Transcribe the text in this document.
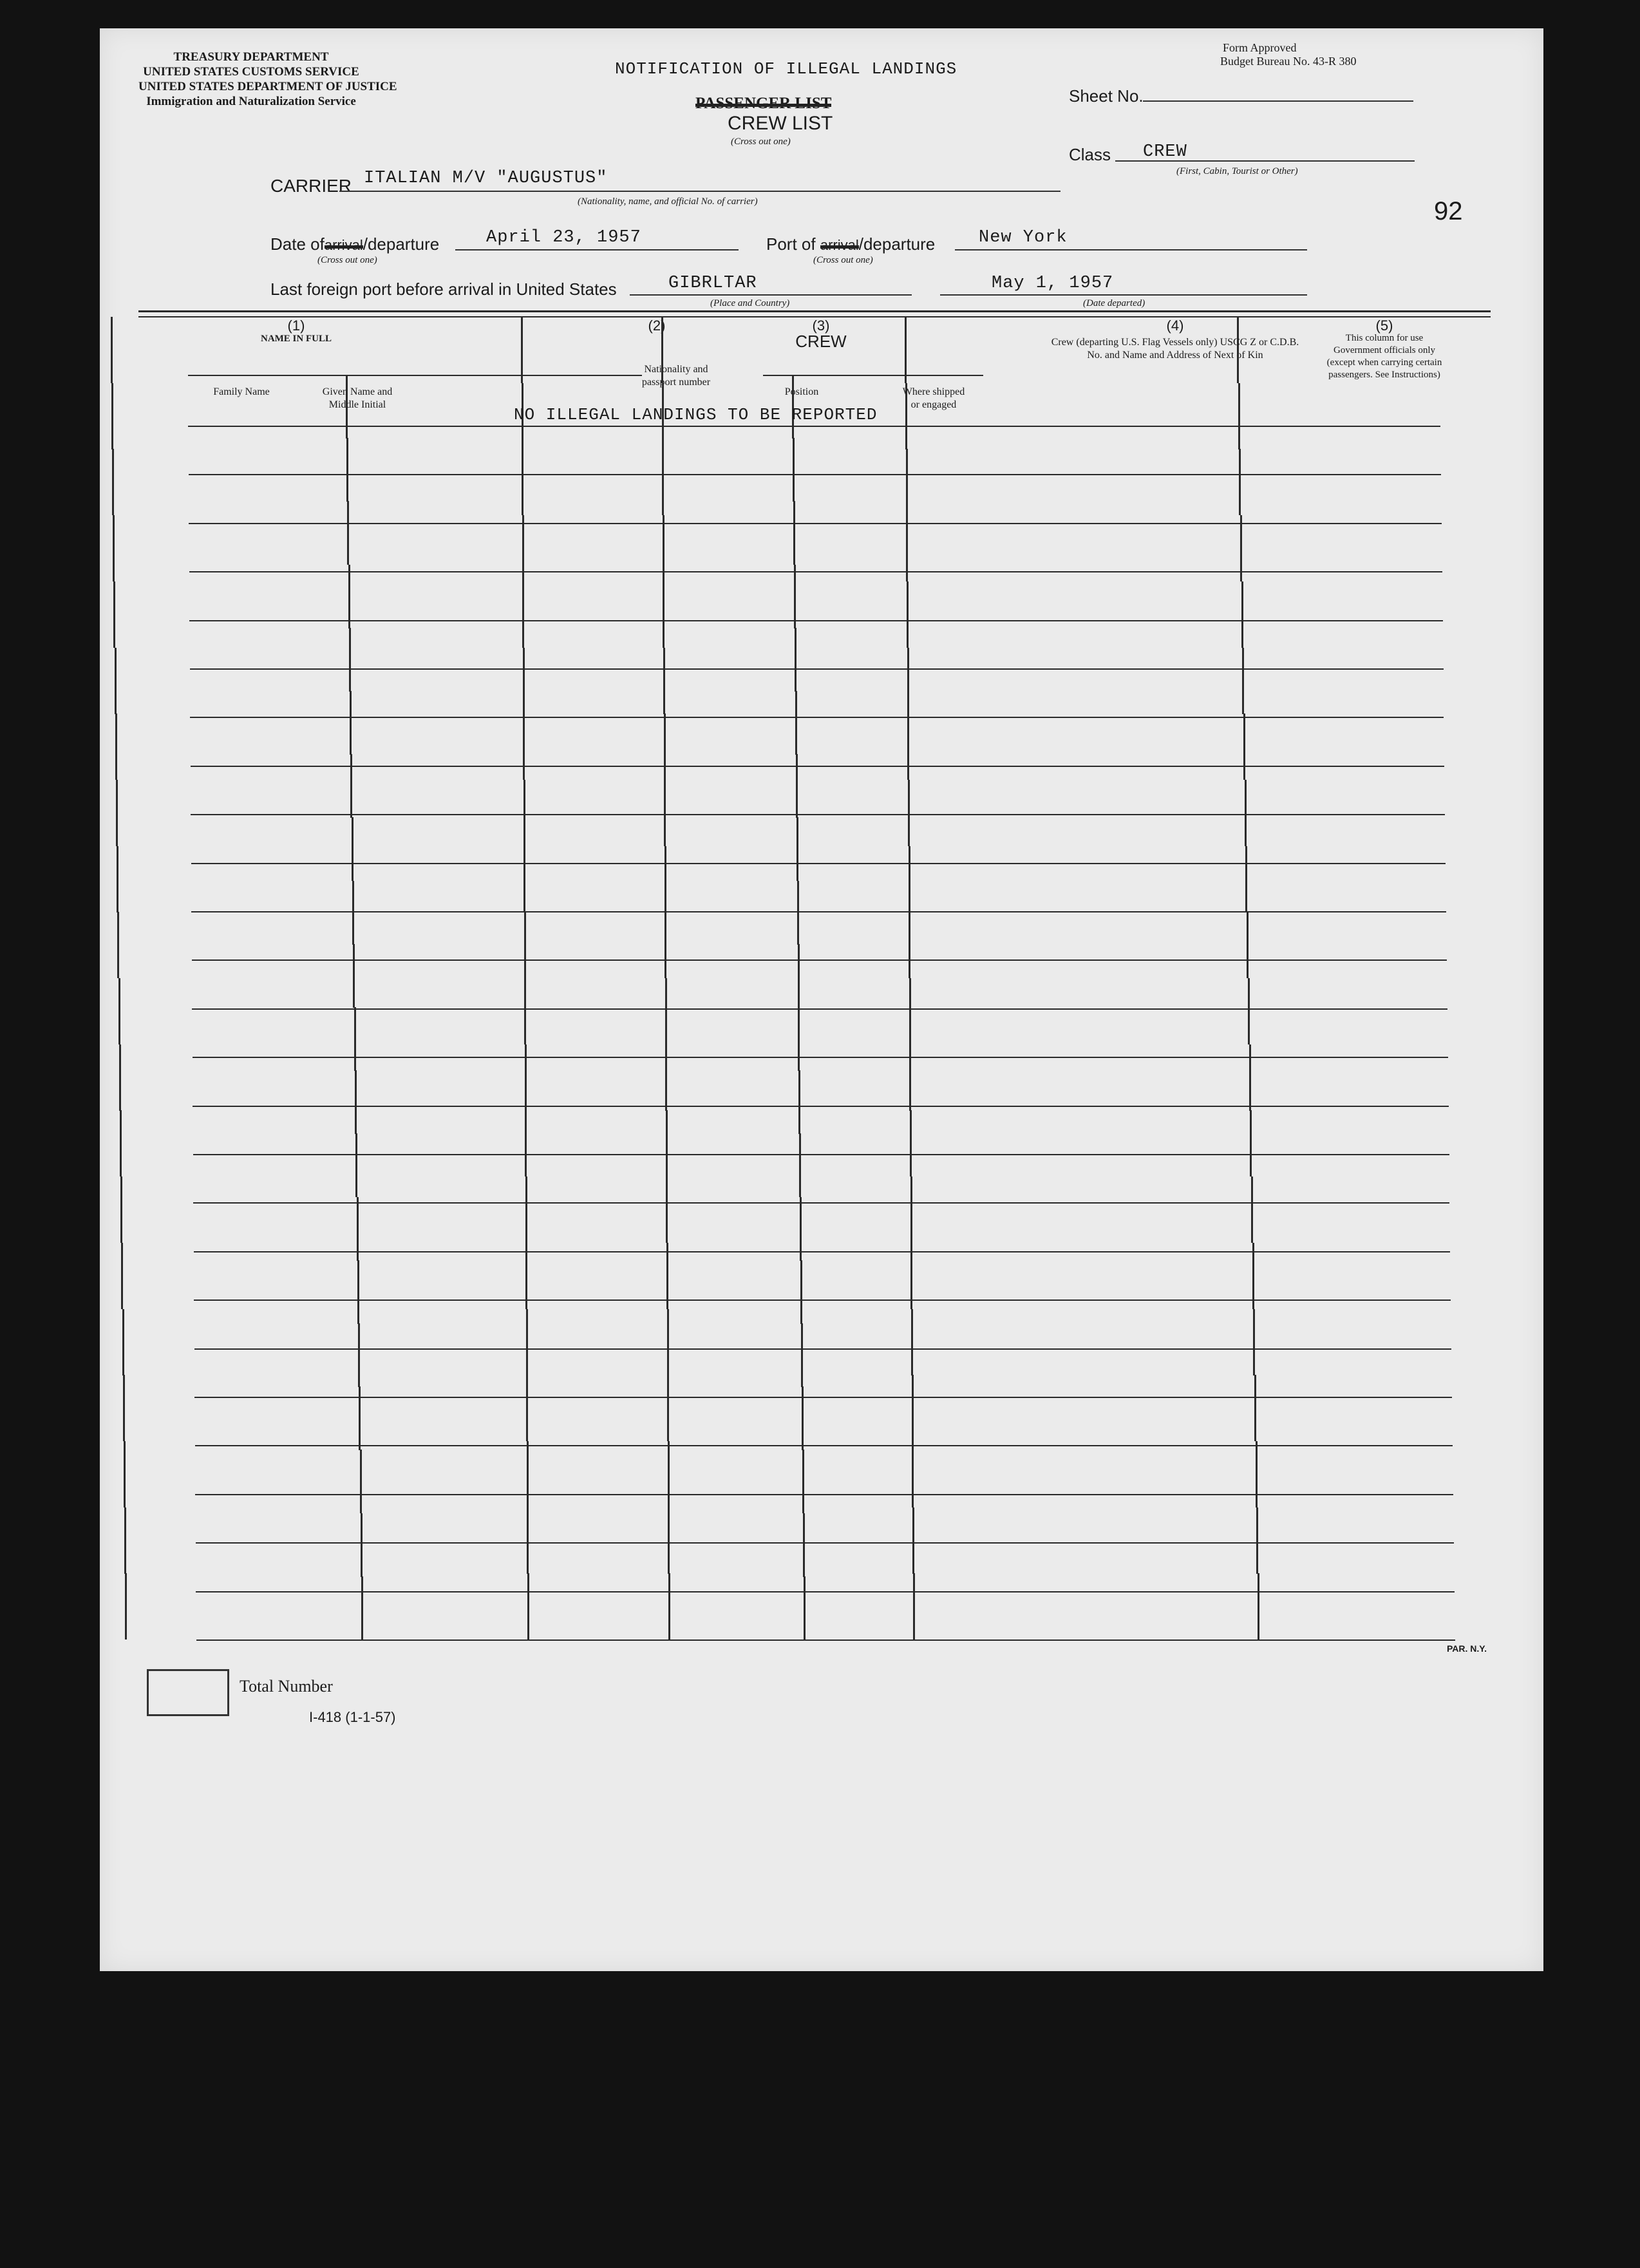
TREASURY DEPARTMENT
UNITED STATES CUSTOMS SERVICE
UNITED STATES DEPARTMENT OF JUSTICE
Immigration and Naturalization Service
NOTIFICATION OF ILLEGAL LANDINGS
PASSENGER LIST
CREW LIST
(Cross out one)
Form Approved
Budget Bureau No. 43-R 380
Sheet No.
Class CREW
(First, Cabin, Tourist or Other)
92
CARRIER ITALIAN M/V "AUGUSTUS"
(Nationality, name, and official No. of carrier)
Date ofarrival/departure	April 23, 1957
(Cross out one)
Port of arrival/departure	New York
(Cross out one)
Last foreign port before arrival in United States	GIBRLTAR
(Place and Country)
May 1, 1957
(Date departed)
(1)
NAME IN FULL
Family Name	Given Name and Middle Initial
(2)
Nationality and passport number
(3)
CREW
Position	Where shipped or engaged
(4)
Crew (departing U.S. Flag Vessels only) USCG Z or C.D.B. No. and Name and Address of Next of Kin
(5)
This column for use Government officials only (except when carrying certain passengers. See Instructions)
NO ILLEGAL LANDINGS TO BE REPORTED
Total Number
I-418 (1-1-57)
PAR. N.Y.
